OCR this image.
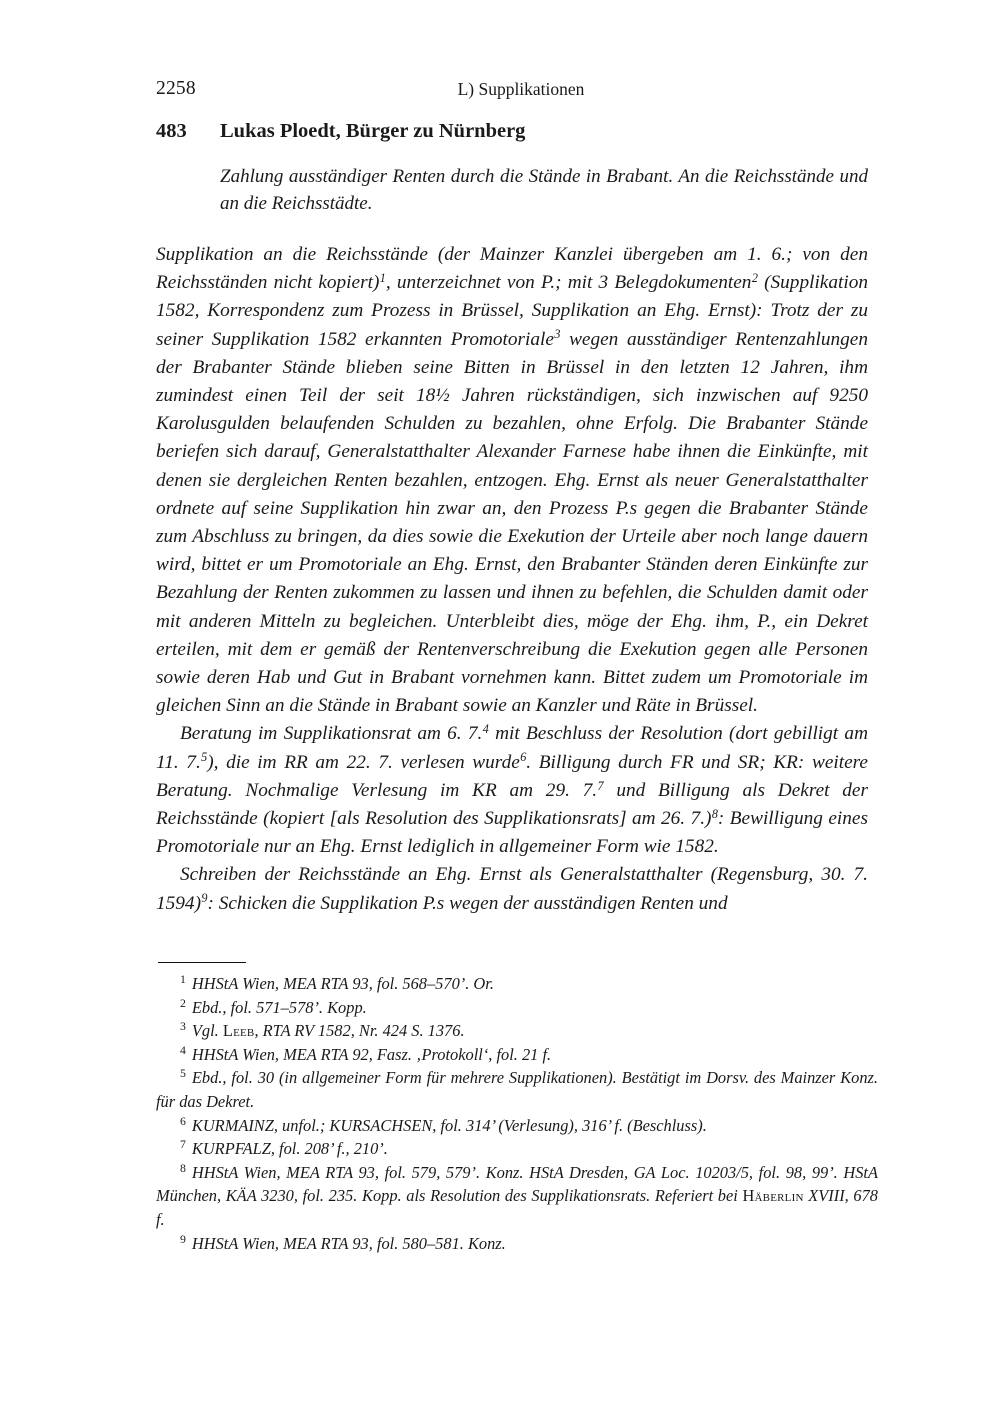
2258	L) Supplikationen
483	Lukas Ploedt, Bürger zu Nürnberg
Zahlung ausständiger Renten durch die Stände in Brabant. An die Reichsstände und an die Reichsstädte.

Supplikation an die Reichsstände (der Mainzer Kanzlei übergeben am 1. 6.; von den Reichsständen nicht kopiert)$^1$, unterzeichnet von P.; mit 3 Belegdokumenten$^2$ (Supplikation 1582, Korrespondenz zum Prozess in Brüssel, Supplikation an Ehg. Ernst): Trotz der zu seiner Supplikation 1582 erkannten Promotoriale$^3$ wegen ausständiger Rentenzahlungen der Brabanter Stände blieben seine Bitten in Brüssel in den letzten 12 Jahren, ihm zumindest einen Teil der seit 18½ Jahren rückständigen, sich inzwischen auf 9250 Karolusgulden belaufenden Schulden zu bezahlen, ohne Erfolg. Die Brabanter Stände beriefen sich darauf, Generalstatthalter Alexander Farnese habe ihnen die Einkünfte, mit denen sie dergleichen Renten bezahlen, entzogen. Ehg. Ernst als neuer Generalstatthalter ordnete auf seine Supplikation hin zwar an, den Prozess P.s gegen die Brabanter Stände zum Abschluss zu bringen, da dies sowie die Exekution der Urteile aber noch lange dauern wird, bittet er um Promotoriale an Ehg. Ernst, den Brabanter Ständen deren Einkünfte zur Bezahlung der Renten zukommen zu lassen und ihnen zu befehlen, die Schulden damit oder mit anderen Mitteln zu begleichen. Unterbleibt dies, möge der Ehg. ihm, P., ein Dekret erteilen, mit dem er gemäß der Rentenverschreibung die Exekution gegen alle Personen sowie deren Hab und Gut in Brabant vornehmen kann. Bittet zudem um Promotoriale im gleichen Sinn an die Stände in Brabant sowie an Kanzler und Räte in Brüssel.

Beratung im Supplikationsrat am 6. 7.$^4$ mit Beschluss der Resolution (dort gebilligt am 11. 7.$^5$), die im RR am 22. 7. verlesen wurde$^6$. Billigung durch FR und SR; KR: weitere Beratung. Nochmalige Verlesung im KR am 29. 7.$^7$ und Billigung als Dekret der Reichsstände (kopiert [als Resolution des Supplikationsrats] am 26. 7.)$^8$: Bewilligung eines Promotoriale nur an Ehg. Ernst lediglich in allgemeiner Form wie 1582.

Schreiben der Reichsstände an Ehg. Ernst als Generalstatthalter (Regensburg, 30. 7. 1594)$^9$: Schicken die Supplikation P.s wegen der ausständigen Renten und

$^1$ HHStA Wien, MEA RTA 93, fol. 568–570’. Or.

$^2$ Ebd., fol. 571–578’. Kopp.

$^3$ Vgl. Leeb, RTA RV 1582, Nr. 424 S. 1376.

$^4$ HHStA Wien, MEA RTA 92, Fasz. ‚Protokoll‘, fol. 21 f.

$^5$ Ebd., fol. 30 (in allgemeiner Form für mehrere Supplikationen). Bestätigt im Dorsv. des Mainzer Konz. für das Dekret.

$^6$ KURMAINZ, unfol.; KURSACHSEN, fol. 314’ (Verlesung), 316’ f. (Beschluss).

$^7$ KURPFALZ, fol. 208’ f., 210’.

$^8$ HHStA Wien, MEA RTA 93, fol. 579, 579’. Konz. HStA Dresden, GA Loc. 10203/5, fol. 98, 99’. HStA München, KÄA 3230, fol. 235. Kopp. als Resolution des Supplikationsrats. Referiert bei Häberlin XVIII, 678 f.

$^9$ HHStA Wien, MEA RTA 93, fol. 580–581. Konz.
